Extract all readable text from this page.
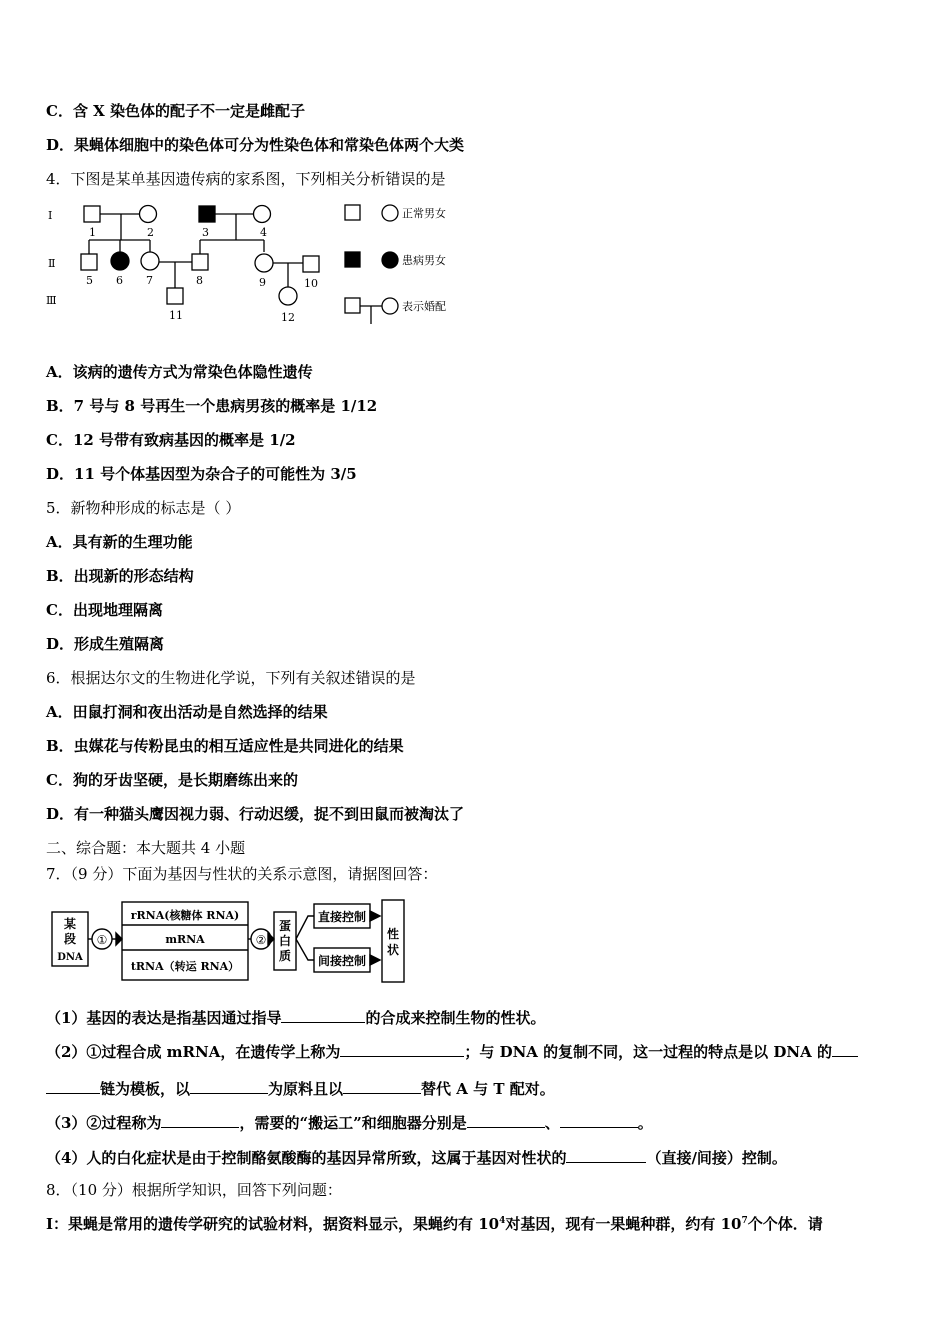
C．含 X 染色体的配子不一定是雌配子
D．果蝇体细胞中的染色体可分为性染色体和常染色体两个大类
4．下图是某单基因遗传病的家系图，下列相关分析错误的是
Ⅰ
Ⅱ
Ⅲ
1	2	3	4
5 6 7	8	9	10
11	12
正常男女
患病男女
表示婚配
A．该病的遗传方式为常染色体隐性遗传
B．7 号与 8 号再生一个患病男孩的概率是 1/12
C．12 号带有致病基因的概率是 1/2
D．11 号个体基因型为杂合子的可能性为 3/5
5．新物种形成的标志是（ ）
A．具有新的生理功能
B．出现新的形态结构
C．出现地理隔离
D．形成生殖隔离
6．根据达尔文的生物进化学说，下列有关叙述错误的是
A．田鼠打洞和夜出活动是自然选择的结果
B．虫媒花与传粉昆虫的相互适应性是共同进化的结果
C．狗的牙齿坚硬，是长期磨练出来的
D．有一种猫头鹰因视力弱、行动迟缓，捉不到田鼠而被淘汰了
二、综合题：本大题共 4 小题
7．（9 分）下面为基因与性状的关系示意图，请据图回答：
某
段
DNA
①
rRNA(核糖体 RNA)
mRNA
tRNA（转运 RNA）
②
蛋
白
质
直接控制
间接控制
性
状
（1）基因的表达是指基因通过指导	的合成来控制生物的性状。
（2）①过程合成 mRNA，在遗传学上称为	；与 DNA 的复制不同，这一过程的特点是以 DNA 的
链为模板，以	为原料且以	替代 A 与 T 配对。
（3）②过程称为	，需要的“搬运工”和细胞器分别是	、	。
（4）人的白化症状是由于控制酪氨酸酶的基因异常所致，这属于基因对性状的	（直接/间接）控制。
8．（10 分）根据所学知识，回答下列问题：
Ⅰ：果蝇是常用的遗传学研究的试验材料，据资料显示，果蝇约有 $10^4$对基因，现有一果蝇种群，约有 $10^7$个个体．请
